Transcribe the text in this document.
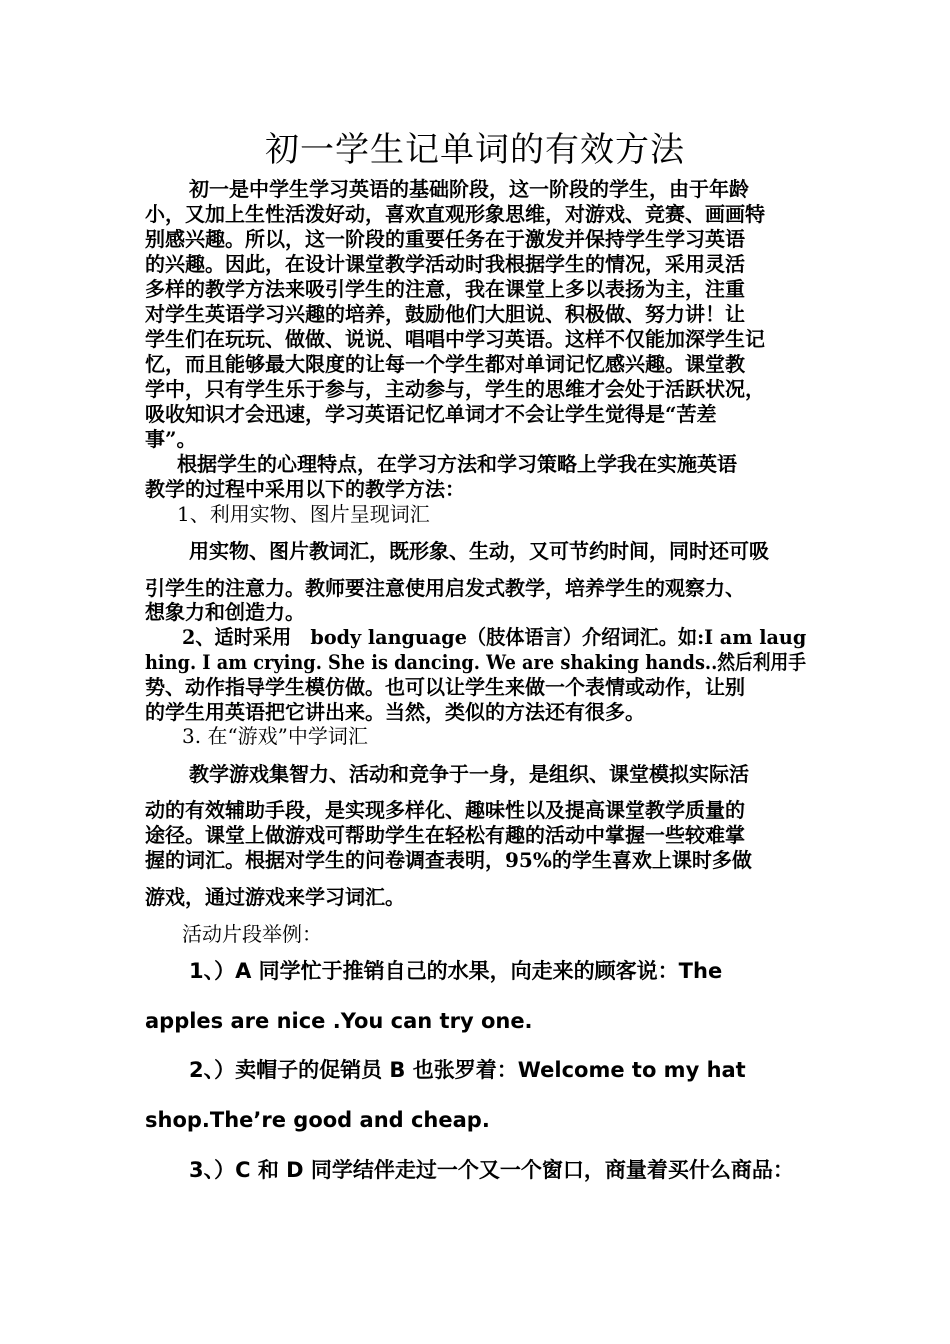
初一学生记单词的有效方法
初一是中学生学习英语的基础阶段，这一阶段的学生，由于年龄
小，又加上生性活泼好动，喜欢直观形象思维，对游戏、竞赛、画画特
别感兴趣。所以，这一阶段的重要任务在于激发并保持学生学习英语
的兴趣。因此，在设计课堂教学活动时我根据学生的情况，采用灵活
多样的教学方法来吸引学生的注意，我在课堂上多以表扬为主，注重
对学生英语学习兴趣的培养，鼓励他们大胆说、积极做、努力讲！让
学生们在玩玩、做做、说说、唱唱中学习英语。这样不仅能加深学生记
忆，而且能够最大限度的让每一个学生都对单词记忆感兴趣。课堂教
学中，只有学生乐于参与，主动参与，学生的思维才会处于活跃状况，
吸收知识才会迅速，学习英语记忆单词才不会让学生觉得是“苦差
事”。
根据学生的心理特点，在学习方法和学习策略上学我在实施英语
教学的过程中采用以下的教学方法：
1、利用实物、图片呈现词汇
用实物、图片教词汇，既形象、生动，又可节约时间，同时还可吸
引学生的注意力。教师要注意使用启发式教学，培养学生的观察力、
想象力和创造力。
2、适时采用　body language（肢体语言）介绍词汇。如:I am laug
hing. I am crying. She is dancing. We are shaking hands..然后利用手
势、动作指导学生模仿做。也可以让学生来做一个表情或动作，让别
的学生用英语把它讲出来。当然，类似的方法还有很多。
3. 在“游戏”中学词汇
教学游戏集智力、活动和竞争于一身，是组织、课堂模拟实际活
动的有效辅助手段，是实现多样化、趣味性以及提高课堂教学质量的
途径。课堂上做游戏可帮助学生在轻松有趣的活动中掌握一些较难掌
握的词汇。根据对学生的问卷调查表明，95%的学生喜欢上课时多做
游戏，通过游戏来学习词汇。
活动片段举例：
1、）A 同学忙于推销自己的水果，向走来的顾客说：The
apples are nice .You can try one.
2、）卖帽子的促销员 B 也张罗着：Welcome to my hat
shop.The’re good and cheap.
3、）C 和 D 同学结伴走过一个又一个窗口，商量着买什么商品：
